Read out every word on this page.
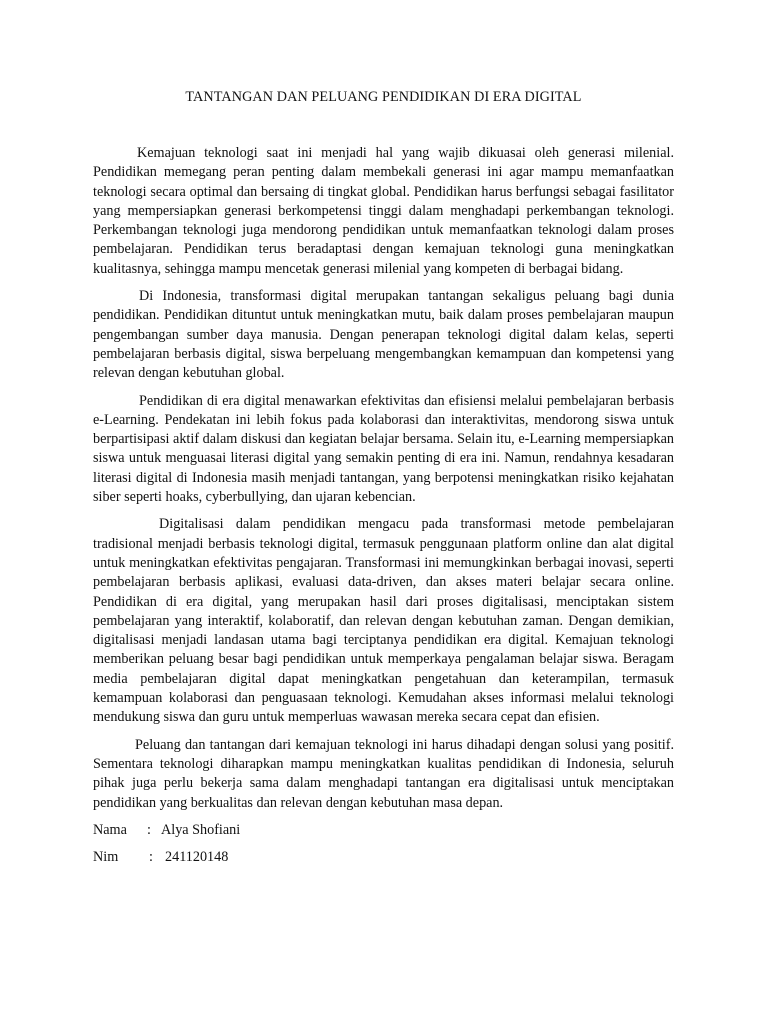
TANTANGAN DAN PELUANG PENDIDIKAN DI ERA DIGITAL

Kemajuan teknologi saat ini menjadi hal yang wajib dikuasai oleh generasi milenial. Pendidikan memegang peran penting dalam membekali generasi ini agar mampu memanfaatkan teknologi secara optimal dan bersaing di tingkat global. Pendidikan harus berfungsi sebagai fasilitator yang mempersiapkan generasi berkompetensi tinggi dalam menghadapi perkembangan teknologi. Perkembangan teknologi juga mendorong pendidikan untuk memanfaatkan teknologi dalam proses pembelajaran. Pendidikan terus beradaptasi dengan kemajuan teknologi guna meningkatkan kualitasnya, sehingga mampu mencetak generasi milenial yang kompeten di berbagai bidang.

Di Indonesia, transformasi digital merupakan tantangan sekaligus peluang bagi dunia pendidikan. Pendidikan dituntut untuk meningkatkan mutu, baik dalam proses pembelajaran maupun pengembangan sumber daya manusia. Dengan penerapan teknologi digital dalam kelas, seperti pembelajaran berbasis digital, siswa berpeluang mengembangkan kemampuan dan kompetensi yang relevan dengan kebutuhan global.

Pendidikan di era digital menawarkan efektivitas dan efisiensi melalui pembelajaran berbasis e-Learning. Pendekatan ini lebih fokus pada kolaborasi dan interaktivitas, mendorong siswa untuk berpartisipasi aktif dalam diskusi dan kegiatan belajar bersama. Selain itu, e-Learning mempersiapkan siswa untuk menguasai literasi digital yang semakin penting di era ini. Namun, rendahnya kesadaran literasi digital di Indonesia masih menjadi tantangan, yang berpotensi meningkatkan risiko kejahatan siber seperti hoaks, cyberbullying, dan ujaran kebencian.

Digitalisasi dalam pendidikan mengacu pada transformasi metode pembelajaran tradisional menjadi berbasis teknologi digital, termasuk penggunaan platform online dan alat digital untuk meningkatkan efektivitas pengajaran. Transformasi ini memungkinkan berbagai inovasi, seperti pembelajaran berbasis aplikasi, evaluasi data-driven, dan akses materi belajar secara online. Pendidikan di era digital, yang merupakan hasil dari proses digitalisasi, menciptakan sistem pembelajaran yang interaktif, kolaboratif, dan relevan dengan kebutuhan zaman. Dengan demikian, digitalisasi menjadi landasan utama bagi terciptanya pendidikan era digital. Kemajuan teknologi memberikan peluang besar bagi pendidikan untuk memperkaya pengalaman belajar siswa. Beragam media pembelajaran digital dapat meningkatkan pengetahuan dan keterampilan, termasuk kemampuan kolaborasi dan penguasaan teknologi. Kemudahan akses informasi melalui teknologi mendukung siswa dan guru untuk memperluas wawasan mereka secara cepat dan efisien.

Peluang dan tantangan dari kemajuan teknologi ini harus dihadapi dengan solusi yang positif. Sementara teknologi diharapkan mampu meningkatkan kualitas pendidikan di Indonesia, seluruh pihak juga perlu bekerja sama dalam menghadapi tantangan era digitalisasi untuk menciptakan pendidikan yang berkualitas dan relevan dengan kebutuhan masa depan.

Nama	: Alya Shofiani
Nim	: 241120148
